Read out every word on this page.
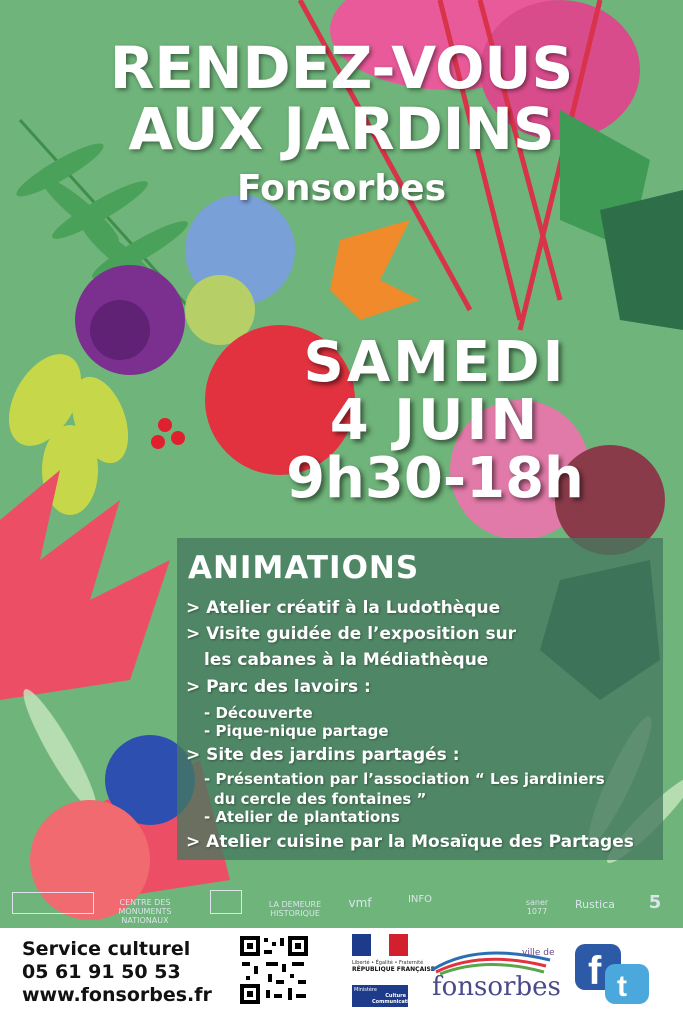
RENDEZ-VOUS
AUX JARDINS
Fonsorbes
SAMEDI
4 JUIN
9h30-18h
ANIMATIONS
> Atelier créatif à la Ludothèque
> Visite guidée de l’exposition sur
les cabanes à la Médiathèque
> Parc des lavoirs :
- Découverte
- Pique-nique partage
> Site des jardins partagés :
- Présentation par l’association “ Les jardiniers
du cercle des fontaines ”
- Atelier de plantations
> Atelier cuisine par la Mosaïque des Partages
CENTRE DES MONUMENTS NATIONAUX
LA DEMEURE HISTORIQUE
vmf	INFO	saner 1077
Rustica 5
Service culturel
05 61 91 50 53
www.fonsorbes.fr
Liberté • Égalité • Fraternité
RÉPUBLIQUE FRANÇAISE
Ministère
Culture Communication
ville de
fonsorbes f t
